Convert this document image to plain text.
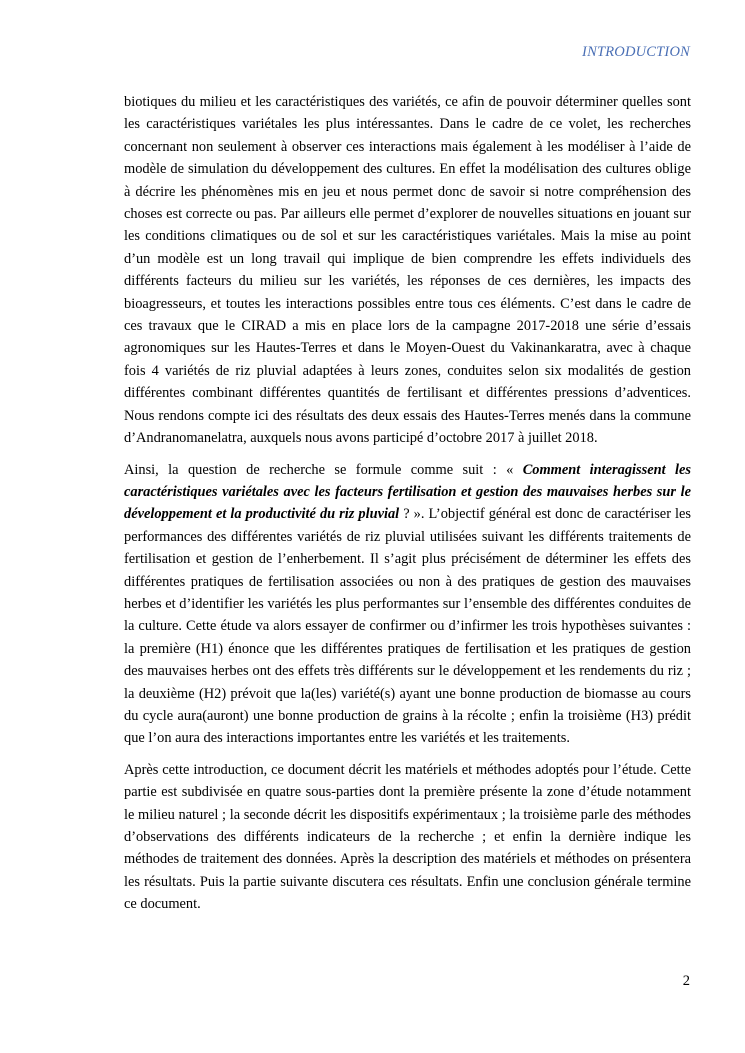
INTRODUCTION

biotiques du milieu et les caractéristiques des variétés, ce afin de pouvoir déterminer quelles sont les caractéristiques variétales les plus intéressantes. Dans le cadre de ce volet, les recherches concernant non seulement à observer ces interactions mais également à les modéliser à l’aide de modèle de simulation du développement des cultures. En effet la modélisation des cultures oblige à décrire les phénomènes mis en jeu et nous permet donc de savoir si notre compréhension des choses est correcte ou pas. Par ailleurs elle permet d’explorer de nouvelles situations en jouant sur les conditions climatiques ou de sol et sur les caractéristiques variétales. Mais la mise au point d’un modèle est un long travail qui implique de bien comprendre les effets individuels des différents facteurs du milieu sur les variétés, les réponses de ces dernières, les impacts des bioagresseurs, et toutes les interactions possibles entre tous ces éléments. C’est dans le cadre de ces travaux que le CIRAD a mis en place lors de la campagne 2017-2018 une série d’essais agronomiques sur les Hautes-Terres et dans le Moyen-Ouest du Vakinankaratra, avec à chaque fois 4 variétés de riz pluvial adaptées à leurs zones, conduites selon six modalités de gestion différentes combinant différentes quantités de fertilisant et différentes pressions d’adventices. Nous rendons compte ici des résultats des deux essais des Hautes-Terres menés dans la commune d’Andranomanelatra, auxquels nous avons participé d’octobre 2017 à juillet 2018.

Ainsi, la question de recherche se formule comme suit : « Comment interagissent les caractéristiques variétales avec les facteurs fertilisation et gestion des mauvaises herbes sur le développement et la productivité du riz pluvial ? ». L’objectif général est donc de caractériser les performances des différentes variétés de riz pluvial utilisées suivant les différents traitements de fertilisation et gestion de l’enherbement. Il s’agit plus précisément de déterminer les effets des différentes pratiques de fertilisation associées ou non à des pratiques de gestion des mauvaises herbes et d’identifier les variétés les plus performantes sur l’ensemble des différentes conduites de la culture. Cette étude va alors essayer de confirmer ou d’infirmer les trois hypothèses suivantes : la première (H1) énonce que les différentes pratiques de fertilisation et les pratiques de gestion des mauvaises herbes ont des effets très différents sur le développement et les rendements du riz ; la deuxième (H2) prévoit que la(les) variété(s) ayant une bonne production de biomasse au cours du cycle aura(auront) une bonne production de grains à la récolte ; enfin la troisième (H3) prédit que l’on aura des interactions importantes entre les variétés et les traitements.

Après cette introduction, ce document décrit les matériels et méthodes adoptés pour l’étude. Cette partie est subdivisée en quatre sous-parties dont la première présente la zone d’étude notamment le milieu naturel ; la seconde décrit les dispositifs expérimentaux ; la troisième parle des méthodes d’observations des différents indicateurs de la recherche ; et enfin la dernière indique les méthodes de traitement des données. Après la description des matériels et méthodes on présentera les résultats. Puis la partie suivante discutera ces résultats. Enfin une conclusion générale termine ce document.

2
